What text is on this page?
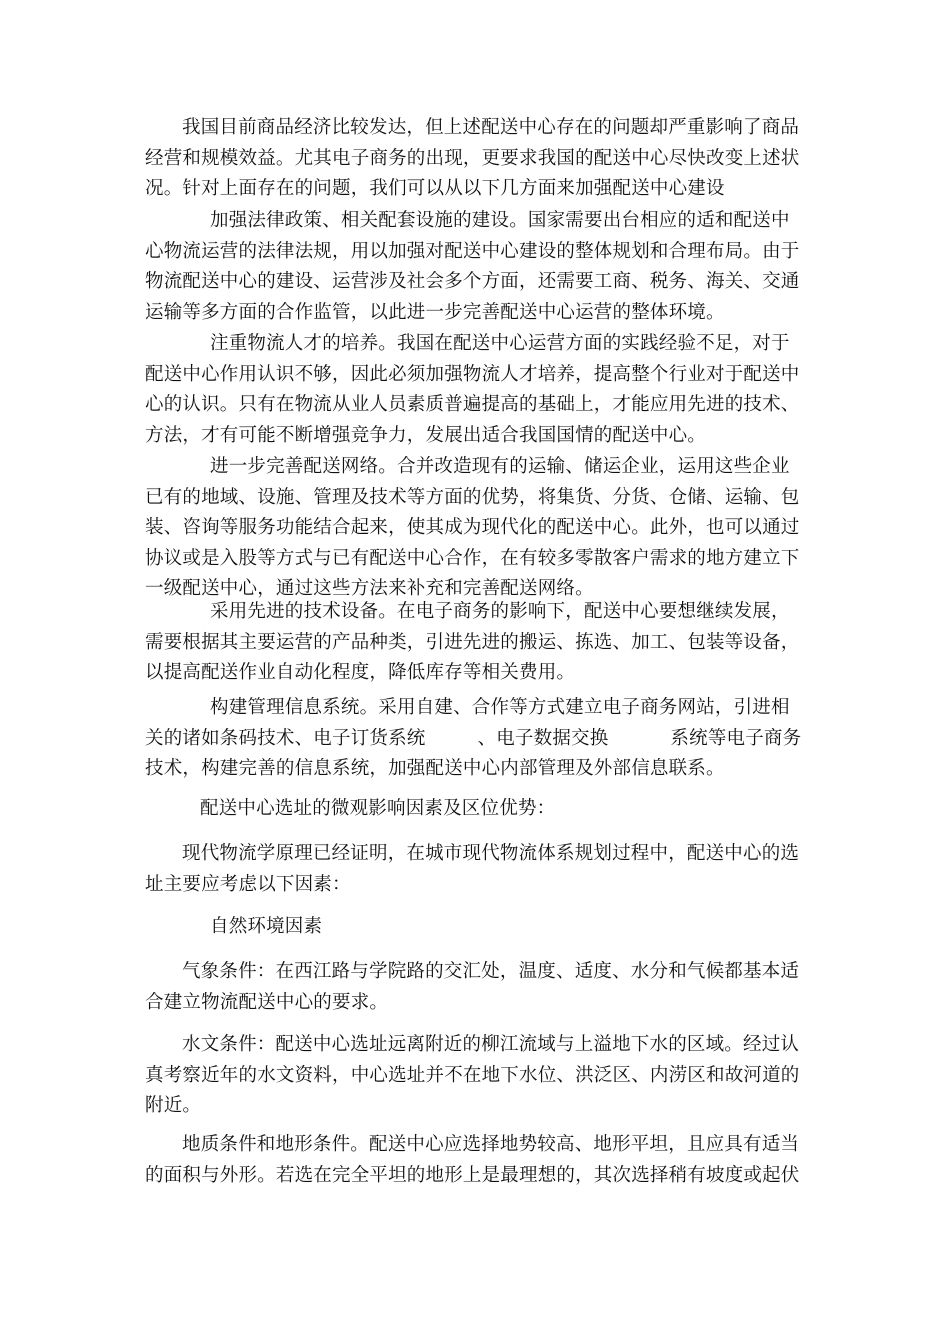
我国目前商品经济比较发达，但上述配送中心存在的问题却严重影响了商品
经营和规模效益。尤其电子商务的出现，更要求我国的配送中心尽快改变上述状
况。针对上面存在的问题，我们可以从以下几方面来加强配送中心建设

加强法律政策、相关配套设施的建设。国家需要出台相应的适和配送中
心物流运营的法律法规，用以加强对配送中心建设的整体规划和合理布局。由于
物流配送中心的建设、运营涉及社会多个方面，还需要工商、税务、海关、交通
运输等多方面的合作监管，以此进一步完善配送中心运营的整体环境。

注重物流人才的培养。我国在配送中心运营方面的实践经验不足，对于
配送中心作用认识不够，因此必须加强物流人才培养，提高整个行业对于配送中
心的认识。只有在物流从业人员素质普遍提高的基础上，才能应用先进的技术、
方法，才有可能不断增强竞争力，发展出适合我国国情的配送中心。

进一步完善配送网络。合并改造现有的运输、储运企业，运用这些企业
已有的地域、设施、管理及技术等方面的优势，将集货、分货、仓储、运输、包
装、咨询等服务功能结合起来，使其成为现代化的配送中心。此外，也可以通过
协议或是入股等方式与已有配送中心合作，在有较多零散客户需求的地方建立下
一级配送中心，通过这些方法来补充和完善配送网络。

采用先进的技术设备。在电子商务的影响下，配送中心要想继续发展，
需要根据其主要运营的产品种类，引进先进的搬运、拣选、加工、包装等设备，
以提高配送作业自动化程度，降低库存等相关费用。

构建管理信息系统。采用自建、合作等方式建立电子商务网站，引进相
关的诸如条码技术、电子订货系统	、电子数据交换	系统等电子商务
技术，构建完善的信息系统，加强配送中心内部管理及外部信息联系。

配送中心选址的微观影响因素及区位优势：

现代物流学原理已经证明，在城市现代物流体系规划过程中，配送中心的选
址主要应考虑以下因素：

自然环境因素

气象条件：在西江路与学院路的交汇处，温度、适度、水分和气候都基本适
合建立物流配送中心的要求。

水文条件：配送中心选址远离附近的柳江流域与上溢地下水的区域。经过认
真考察近年的水文资料，中心选址并不在地下水位、洪泛区、内涝区和故河道的
附近。

地质条件和地形条件。配送中心应选择地势较高、地形平坦，且应具有适当
的面积与外形。若选在完全平坦的地形上是最理想的，其次选择稍有坡度或起伏
